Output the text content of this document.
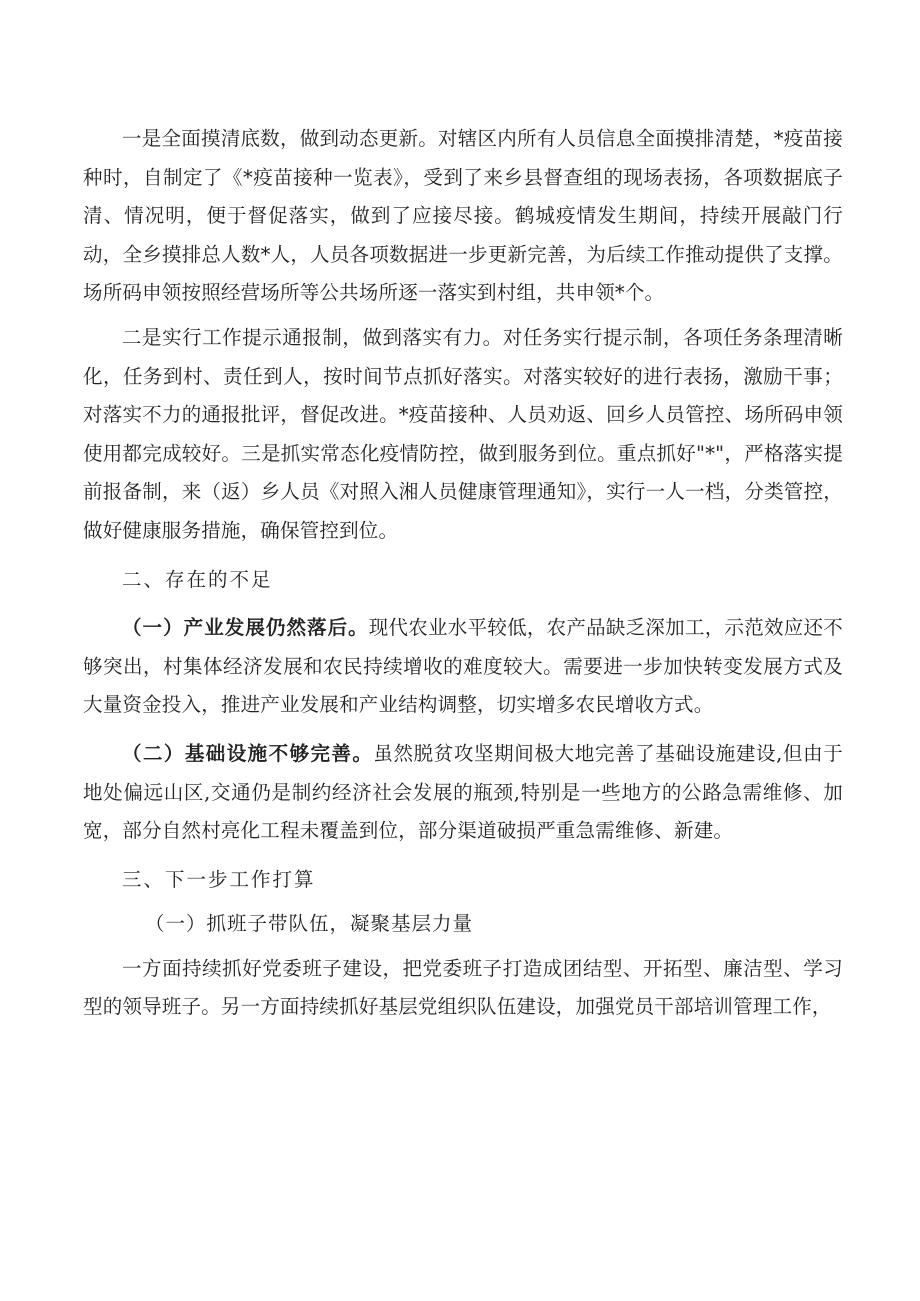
一是全面摸清底数，做到动态更新。对辖区内所有人员信息全面摸排清楚，*疫苗接种时，自制定了《*疫苗接种一览表》，受到了来乡县督查组的现场表扬，各项数据底子清、情况明，便于督促落实，做到了应接尽接。鹤城疫情发生期间，持续开展敲门行动，全乡摸排总人数*人，人员各项数据进一步更新完善，为后续工作推动提供了支撑。场所码申领按照经营场所等公共场所逐一落实到村组，共申领*个。

二是实行工作提示通报制，做到落实有力。对任务实行提示制，各项任务条理清晰化，任务到村、责任到人，按时间节点抓好落实。对落实较好的进行表扬，激励干事；对落实不力的通报批评，督促改进。*疫苗接种、人员劝返、回乡人员管控、场所码申领使用都完成较好。三是抓实常态化疫情防控，做到服务到位。重点抓好"*"，严格落实提前报备制，来（返）乡人员《对照入湘人员健康管理通知》，实行一人一档，分类管控，做好健康服务措施，确保管控到位。

二、存在的不足

（一）产业发展仍然落后。现代农业水平较低，农产品缺乏深加工，示范效应还不够突出，村集体经济发展和农民持续增收的难度较大。需要进一步加快转变发展方式及大量资金投入，推进产业发展和产业结构调整，切实增多农民增收方式。

（二）基础设施不够完善。虽然脱贫攻坚期间极大地完善了基础设施建设,但由于地处偏远山区,交通仍是制约经济社会发展的瓶颈,特别是一些地方的公路急需维修、加宽，部分自然村亮化工程未覆盖到位，部分渠道破损严重急需维修、新建。

三、下一步工作打算

（一）抓班子带队伍，凝聚基层力量

一方面持续抓好党委班子建设，把党委班子打造成团结型、开拓型、廉洁型、学习型的领导班子。另一方面持续抓好基层党组织队伍建设，加强党员干部培训管理工作，
